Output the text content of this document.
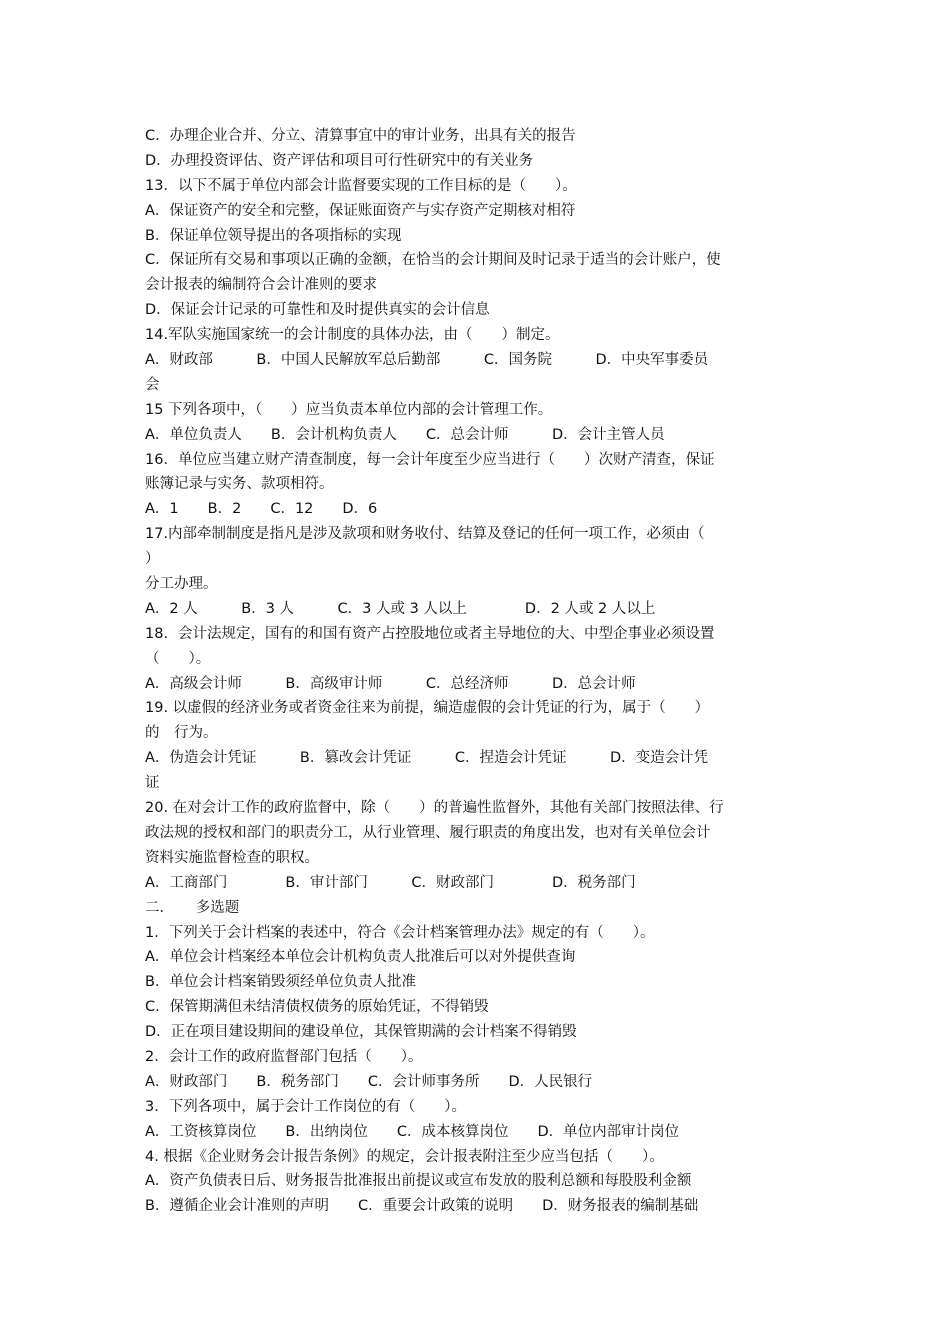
C．办理企业合并、分立、清算事宜中的审计业务，出具有关的报告
D．办理投资评估、资产评估和项目可行性研究中的有关业务
13．以下不属于单位内部会计监督要实现的工作目标的是（　　）。
A．保证资产的安全和完整，保证账面资产与实存资产定期核对相符
B．保证单位领导提出的各项指标的实现
C．保证所有交易和事项以正确的金额，在恰当的会计期间及时记录于适当的会计账户，使
会计报表的编制符合会计准则的要求
D．保证会计记录的可靠性和及时提供真实的会计信息
14.军队实施国家统一的会计制度的具体办法，由（　　）制定。
A．财政部　　　B．中国人民解放军总后勤部　　　C．国务院　　　D．中央军事委员
会
15 下列各项中，（　　）应当负责本单位内部的会计管理工作。
A．单位负责人　　B．会计机构负责人　　C．总会计师　　　D．会计主管人员
16．单位应当建立财产清查制度，每一会计年度至少应当进行（　　）次财产清查，保证
账簿记录与实务、款项相符。
A．1　　B．2　　C．12　　D．6
17.内部牵制制度是指凡是涉及款项和财务收付、结算及登记的任何一项工作，必须由（
）
分工办理。
A．2 人　　　B．3 人　　　C．3 人或 3 人以上　　　　D．2 人或 2 人以上
18．会计法规定，国有的和国有资产占控股地位或者主导地位的大、中型企事业必须设置
（　　）。
A．高级会计师　　　B．高级审计师　　　C．总经济师　　　D．总会计师
19. 以虚假的经济业务或者资金往来为前提，编造虚假的会计凭证的行为，属于（　　）
的　行为。
A．伪造会计凭证　　　B．篡改会计凭证　　　C．捏造会计凭证　　　D．变造会计凭
证
20. 在对会计工作的政府监督中，除（　　）的普遍性监督外，其他有关部门按照法律、行
政法规的授权和部门的职责分工，从行业管理、履行职责的角度出发，也对有关单位会计
资料实施监督检查的职权。
A．工商部门　　　　B．审计部门　　　C．财政部门　　　　D．税务部门
二．　　多选题
1．下列关于会计档案的表述中，符合《会计档案管理办法》规定的有（　　）。
A．单位会计档案经本单位会计机构负责人批准后可以对外提供查询
B．单位会计档案销毁须经单位负责人批准
C．保管期满但未结清债权债务的原始凭证，不得销毁
D．正在项目建设期间的建设单位，其保管期满的会计档案不得销毁
2．会计工作的政府监督部门包括（　　）。
A．财政部门　　B．税务部门　　C．会计师事务所　　D．人民银行
3．下列各项中，属于会计工作岗位的有（　　）。
A．工资核算岗位　　B．出纳岗位　　C．成本核算岗位　　D．单位内部审计岗位
4. 根据《企业财务会计报告条例》的规定，会计报表附注至少应当包括（　　）。
A．资产负债表日后、财务报告批准报出前提议或宣布发放的股利总额和每股股利金额
B．遵循企业会计准则的声明　　C．重要会计政策的说明　　D．财务报表的编制基础
